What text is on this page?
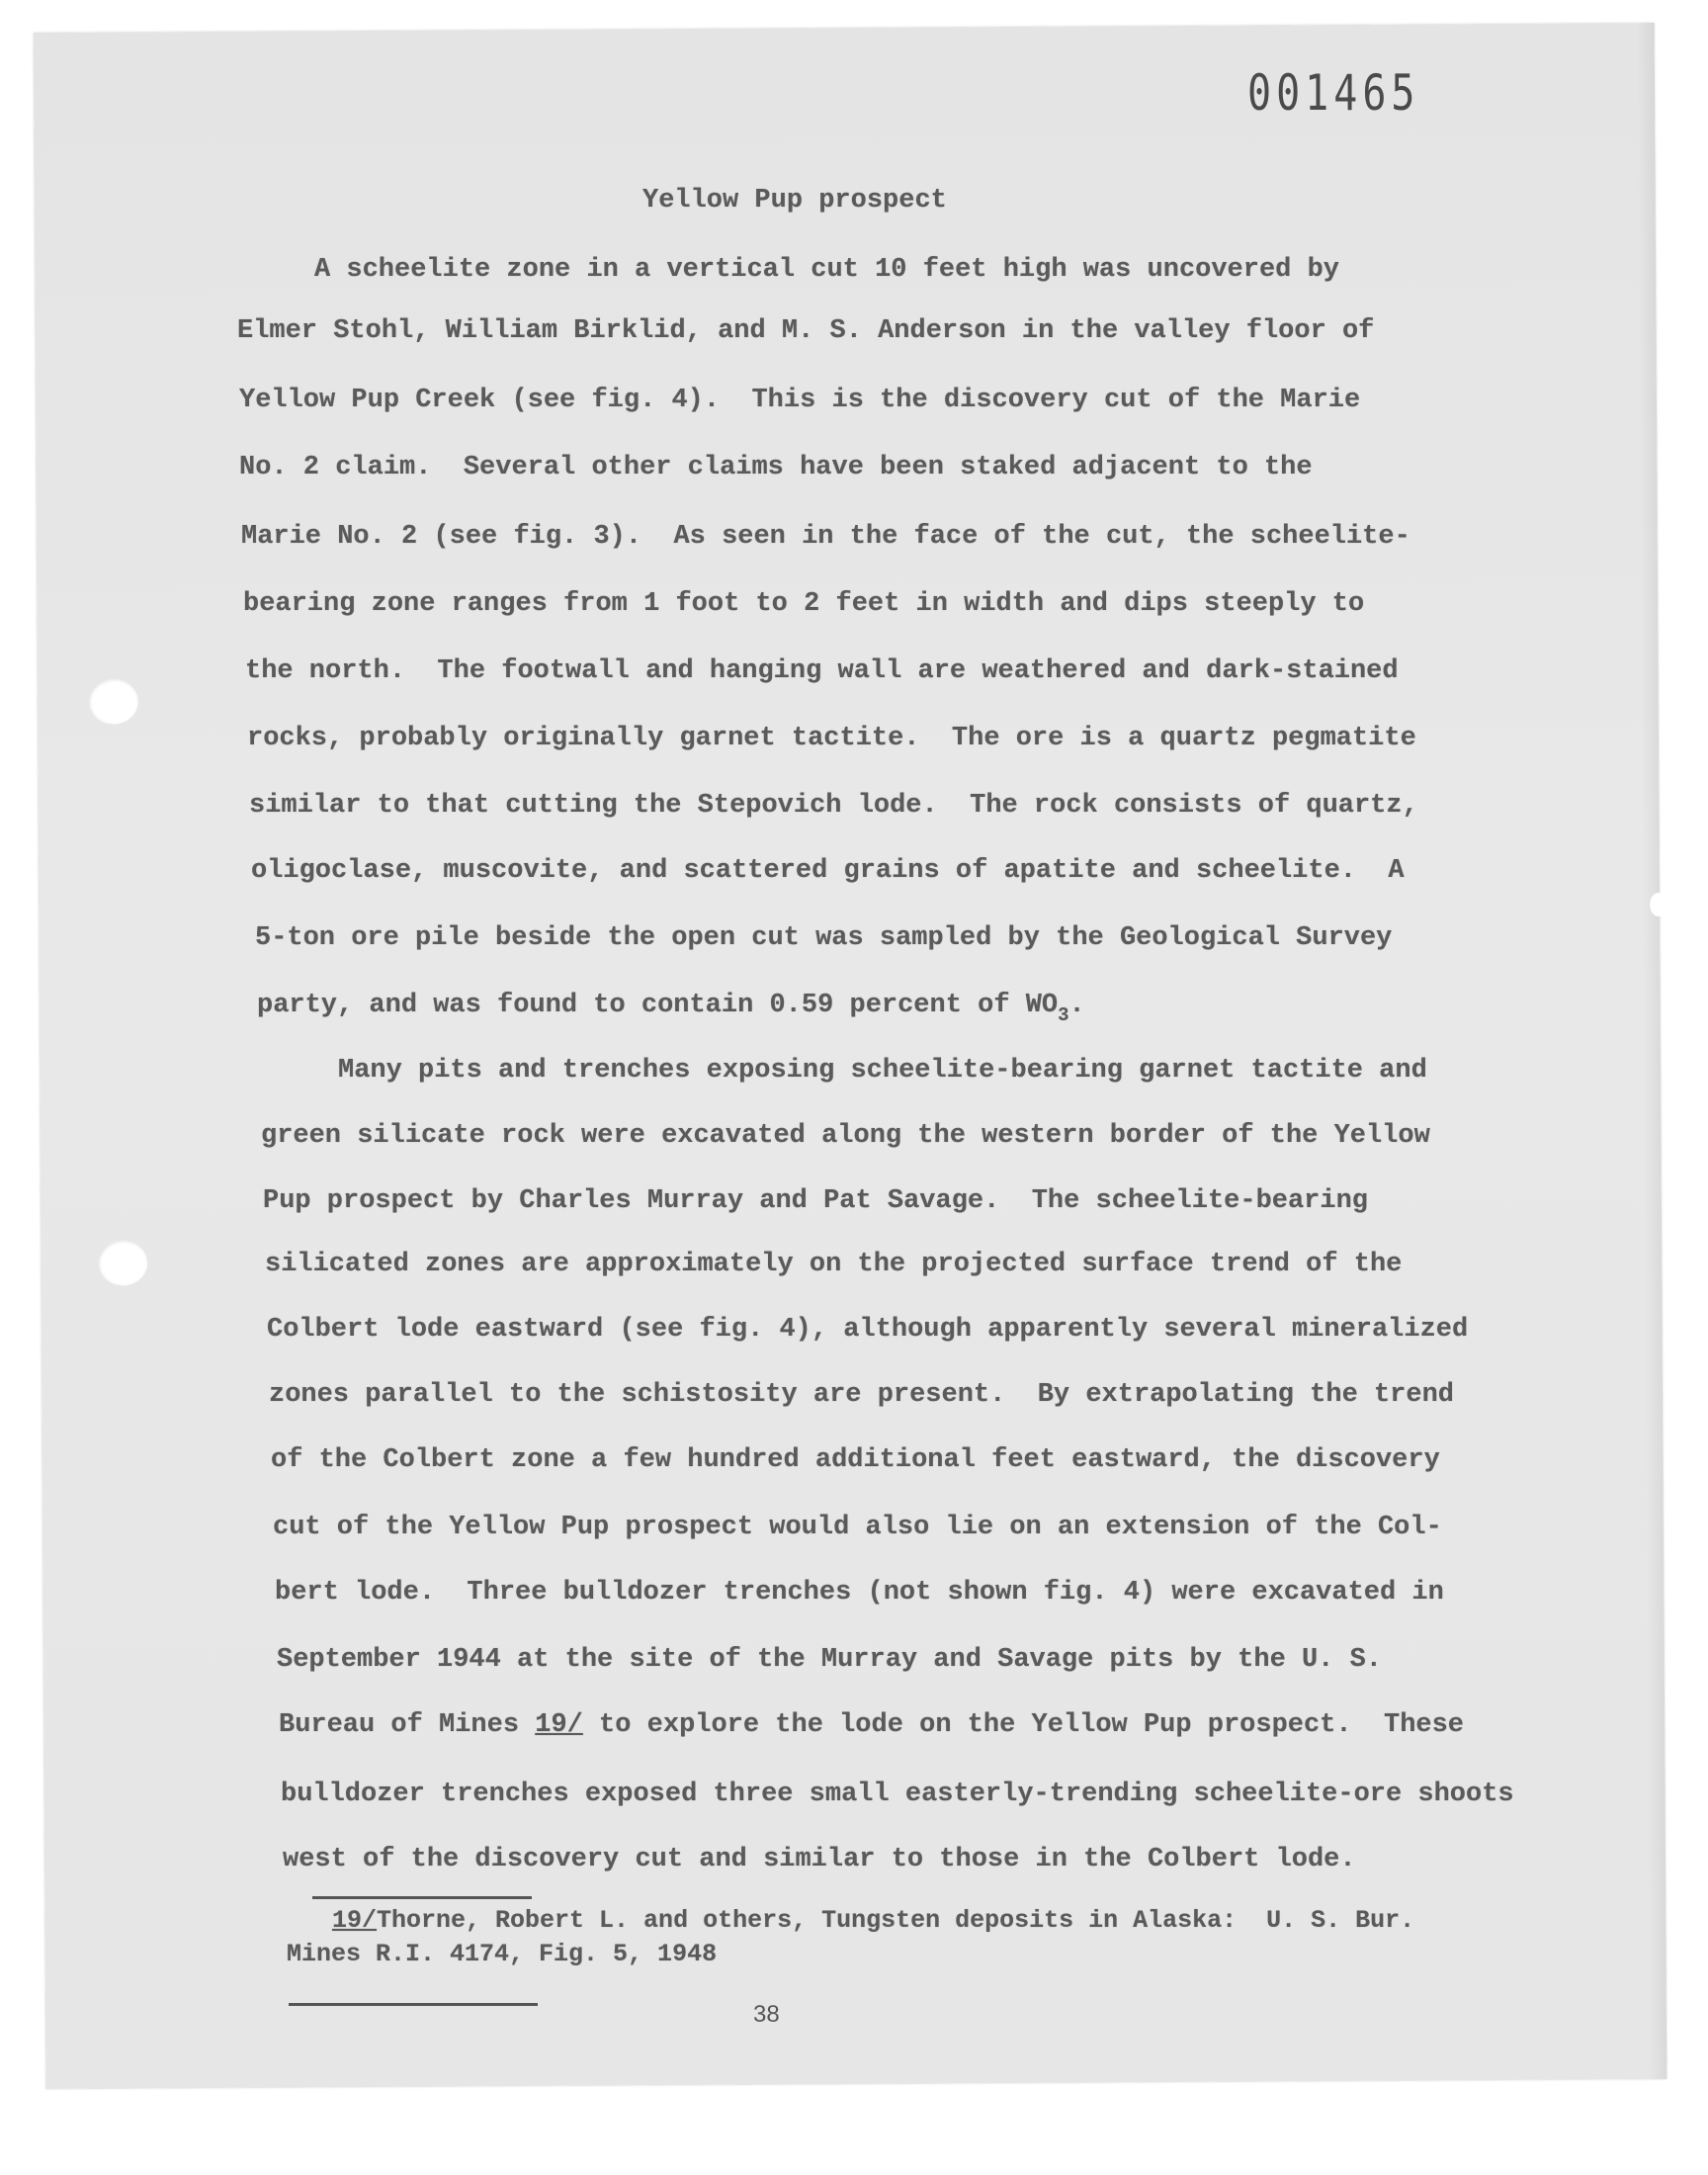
001465
Yellow Pup prospect
A scheelite zone in a vertical cut 10 feet high was uncovered by
Elmer Stohl, William Birklid, and M. S. Anderson in the valley floor of
Yellow Pup Creek (see fig. 4).  This is the discovery cut of the Marie
No. 2 claim.  Several other claims have been staked adjacent to the
Marie No. 2 (see fig. 3).  As seen in the face of the cut, the scheelite-
bearing zone ranges from 1 foot to 2 feet in width and dips steeply to
the north.  The footwall and hanging wall are weathered and dark-stained
rocks, probably originally garnet tactite.  The ore is a quartz pegmatite
similar to that cutting the Stepovich lode.  The rock consists of quartz,
oligoclase, muscovite, and scattered grains of apatite and scheelite.  A
5-ton ore pile beside the open cut was sampled by the Geological Survey
party, and was found to contain 0.59 percent of $WO_3$.
Many pits and trenches exposing scheelite-bearing garnet tactite and
green silicate rock were excavated along the western border of the Yellow
Pup prospect by Charles Murray and Pat Savage.  The scheelite-bearing
silicated zones are approximately on the projected surface trend of the
Colbert lode eastward (see fig. 4), although apparently several mineralized
zones parallel to the schistosity are present.  By extrapolating the trend
of the Colbert zone a few hundred additional feet eastward, the discovery
cut of the Yellow Pup prospect would also lie on an extension of the Col-
bert lode.  Three bulldozer trenches (not shown fig. 4) were excavated in
September 1944 at the site of the Murray and Savage pits by the U. S.
Bureau of Mines 19/ to explore the lode on the Yellow Pup prospect.  These
bulldozer trenches exposed three small easterly-trending scheelite-ore shoots
west of the discovery cut and similar to those in the Colbert lode.
19/Thorne, Robert L. and others, Tungsten deposits in Alaska:  U. S. Bur.
Mines R.I. 4174, Fig. 5, 1948
38
